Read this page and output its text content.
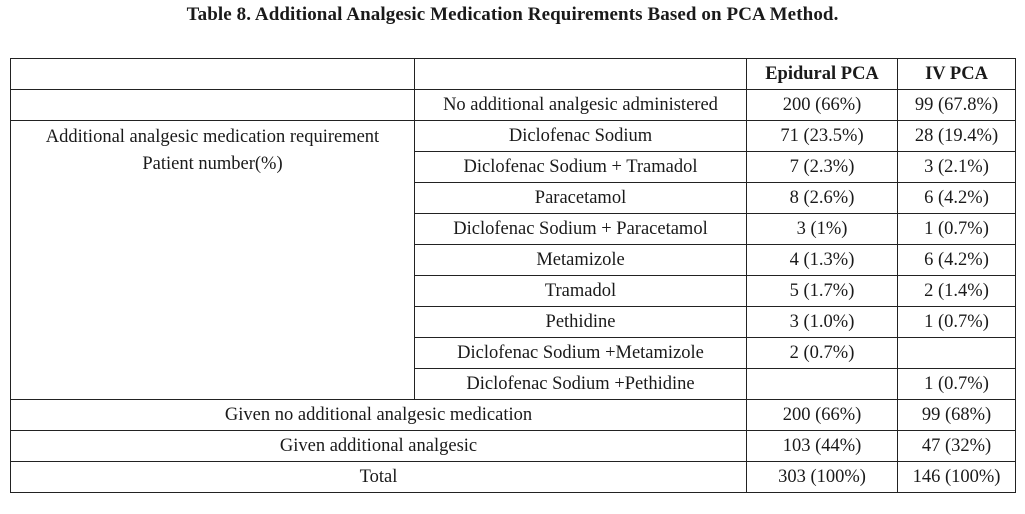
Table 8. Additional Analgesic Medication Requirements Based on PCA Method.
		Epidural PCA	IV PCA
	No additional analgesic administered	200 (66%)	99 (67.8%)

Additional analgesic medication requirement
Patient number(%)	Diclofenac Sodium	71 (23.5%)	28 (19.4%)
	Diclofenac Sodium + Tramadol	7 (2.3%)	3 (2.1%)
	Paracetamol	8 (2.6%)	6 (4.2%)
	Diclofenac Sodium + Paracetamol	3 (1%)	1 (0.7%)
	Metamizole	4 (1.3%)	6 (4.2%)
	Tramadol	5 (1.7%)	2 (1.4%)
	Pethidine	3 (1.0%)	1 (0.7%)
	Diclofenac Sodium +Metamizole	2 (0.7%)	
	Diclofenac Sodium +Pethidine		1 (0.7%)
Given no additional analgesic medication		200 (66%)	99 (68%)
Given additional analgesic		103 (44%)	47 (32%)
Total		303 (100%)	146 (100%)
